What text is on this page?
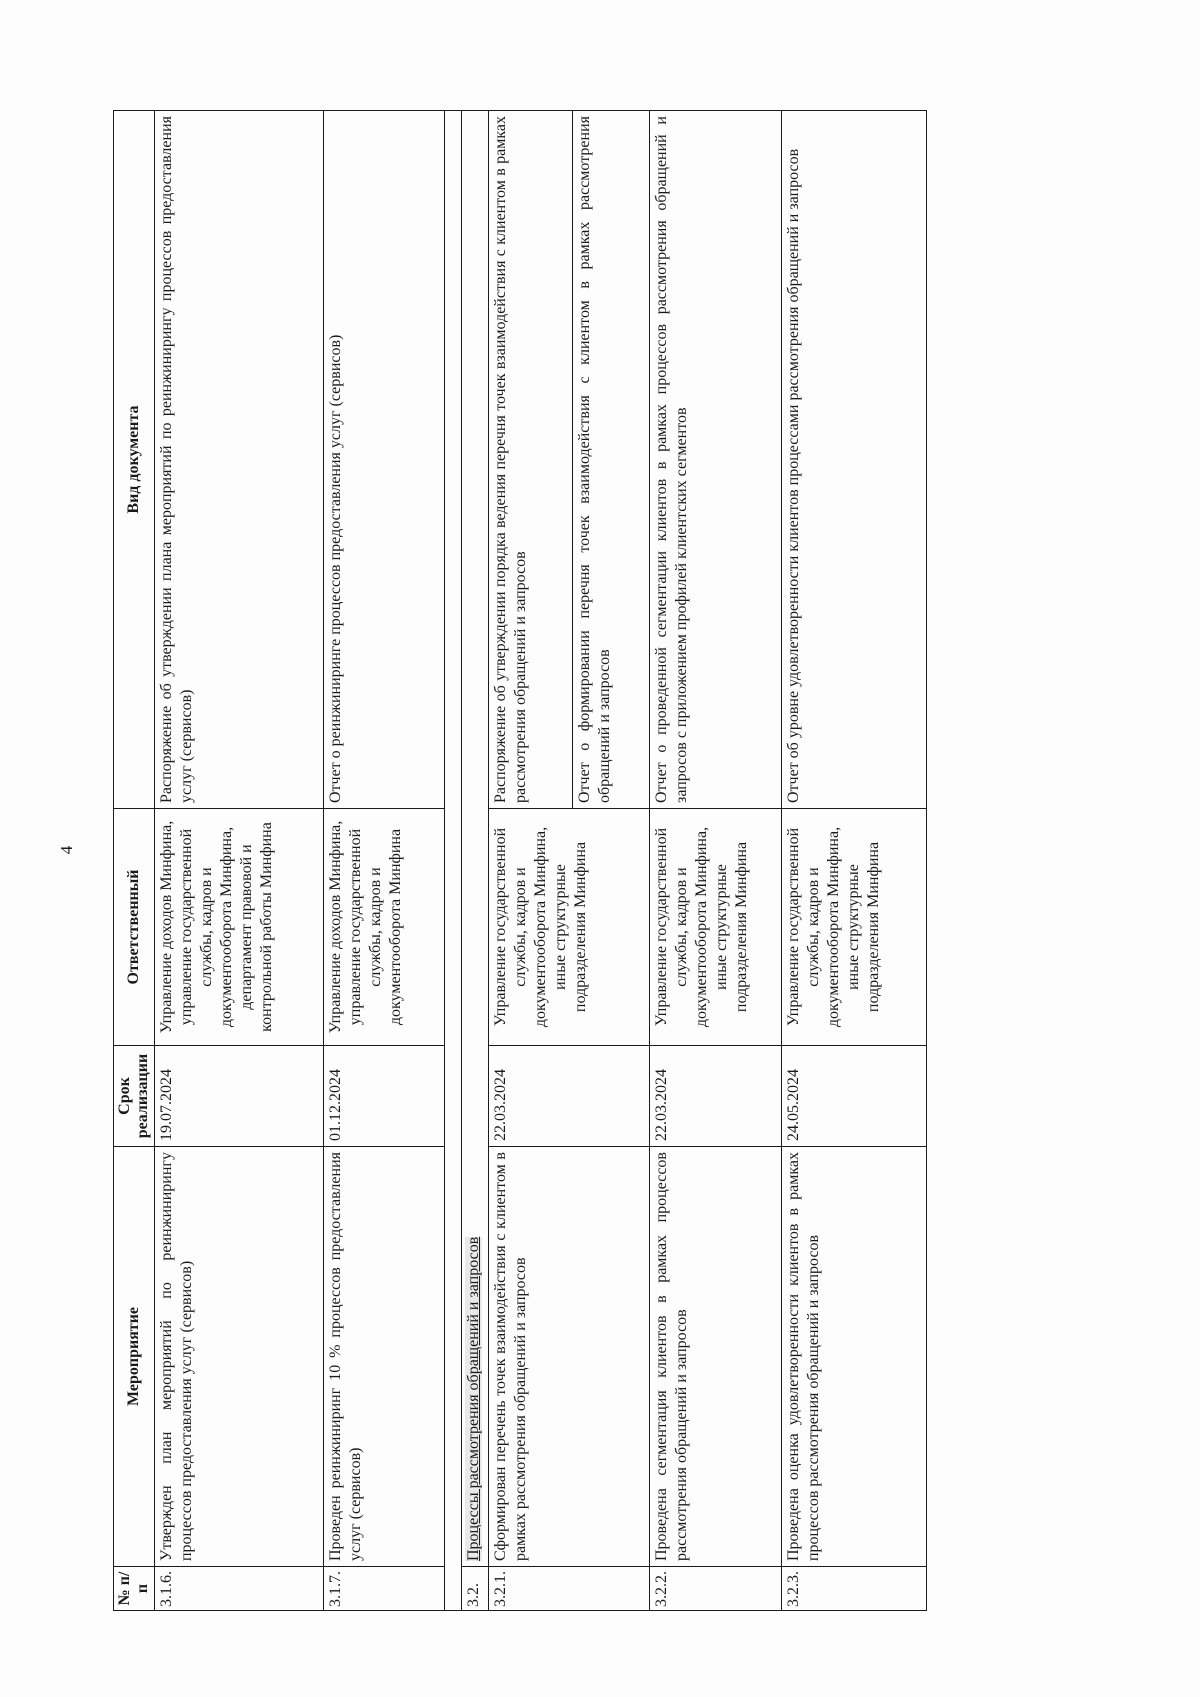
4
№ п/п	Мероприятие	Срок реализации	Ответственный	Вид документа
3.1.6.	Утвержден план мероприятий по реинжинирингу процессов предоставления услуг (сервисов)	19.07.2024	Управление доходов Минфина, управление государственной службы, кадров и документооборота Минфина, департамент правовой и контрольной работы Минфина	Распоряжение об утверждении плана мероприятий по реинжинирингу процессов предоставления услуг (сервисов)
3.1.7.	Проведен реинжиниринг 10 % процессов предоставления услуг (сервисов)	01.12.2024	Управление доходов Минфина, управление государственной службы, кадров и документооборота Минфина	Отчет о реинжиниринге процессов предоставления услуг (сервисов)

3.2.	Процессы рассмотрения обращений и запросов			
3.2.1.	Сформирован перечень точек взаимодействия с клиентом в рамках рассмотрения обращений и запросов	22.03.2024	Управление государственной службы, кадров и документооборота Минфина, иные структурные подразделения Минфина	Распоряжение об утверждении порядка ведения перечня точек взаимодействия с клиентом в рамках рассмотрения обращений и запросов Отчет о формировании перечня точек взаимодействия с клиентом в рамках рассмотрения обращений и запросов

3.2.2.	Проведена сегментация клиентов в рамках процессов рассмотрения обращений и запросов	22.03.2024	Управление государственной службы, кадров и документооборота Минфина, иные структурные подразделения Минфина	Отчет о проведенной сегментации клиентов в рамках процессов рассмотрения обращений и запросов с приложением профилей клиентских сегментов
3.2.3.	Проведена оценка удовлетворенности клиентов в рамках процессов рассмотрения обращений и запросов	24.05.2024	Управление государственной службы, кадров и документооборота Минфина, иные структурные подразделения Минфина	Отчет об уровне удовлетворенности клиентов процессами рассмотрения обращений и запросов
